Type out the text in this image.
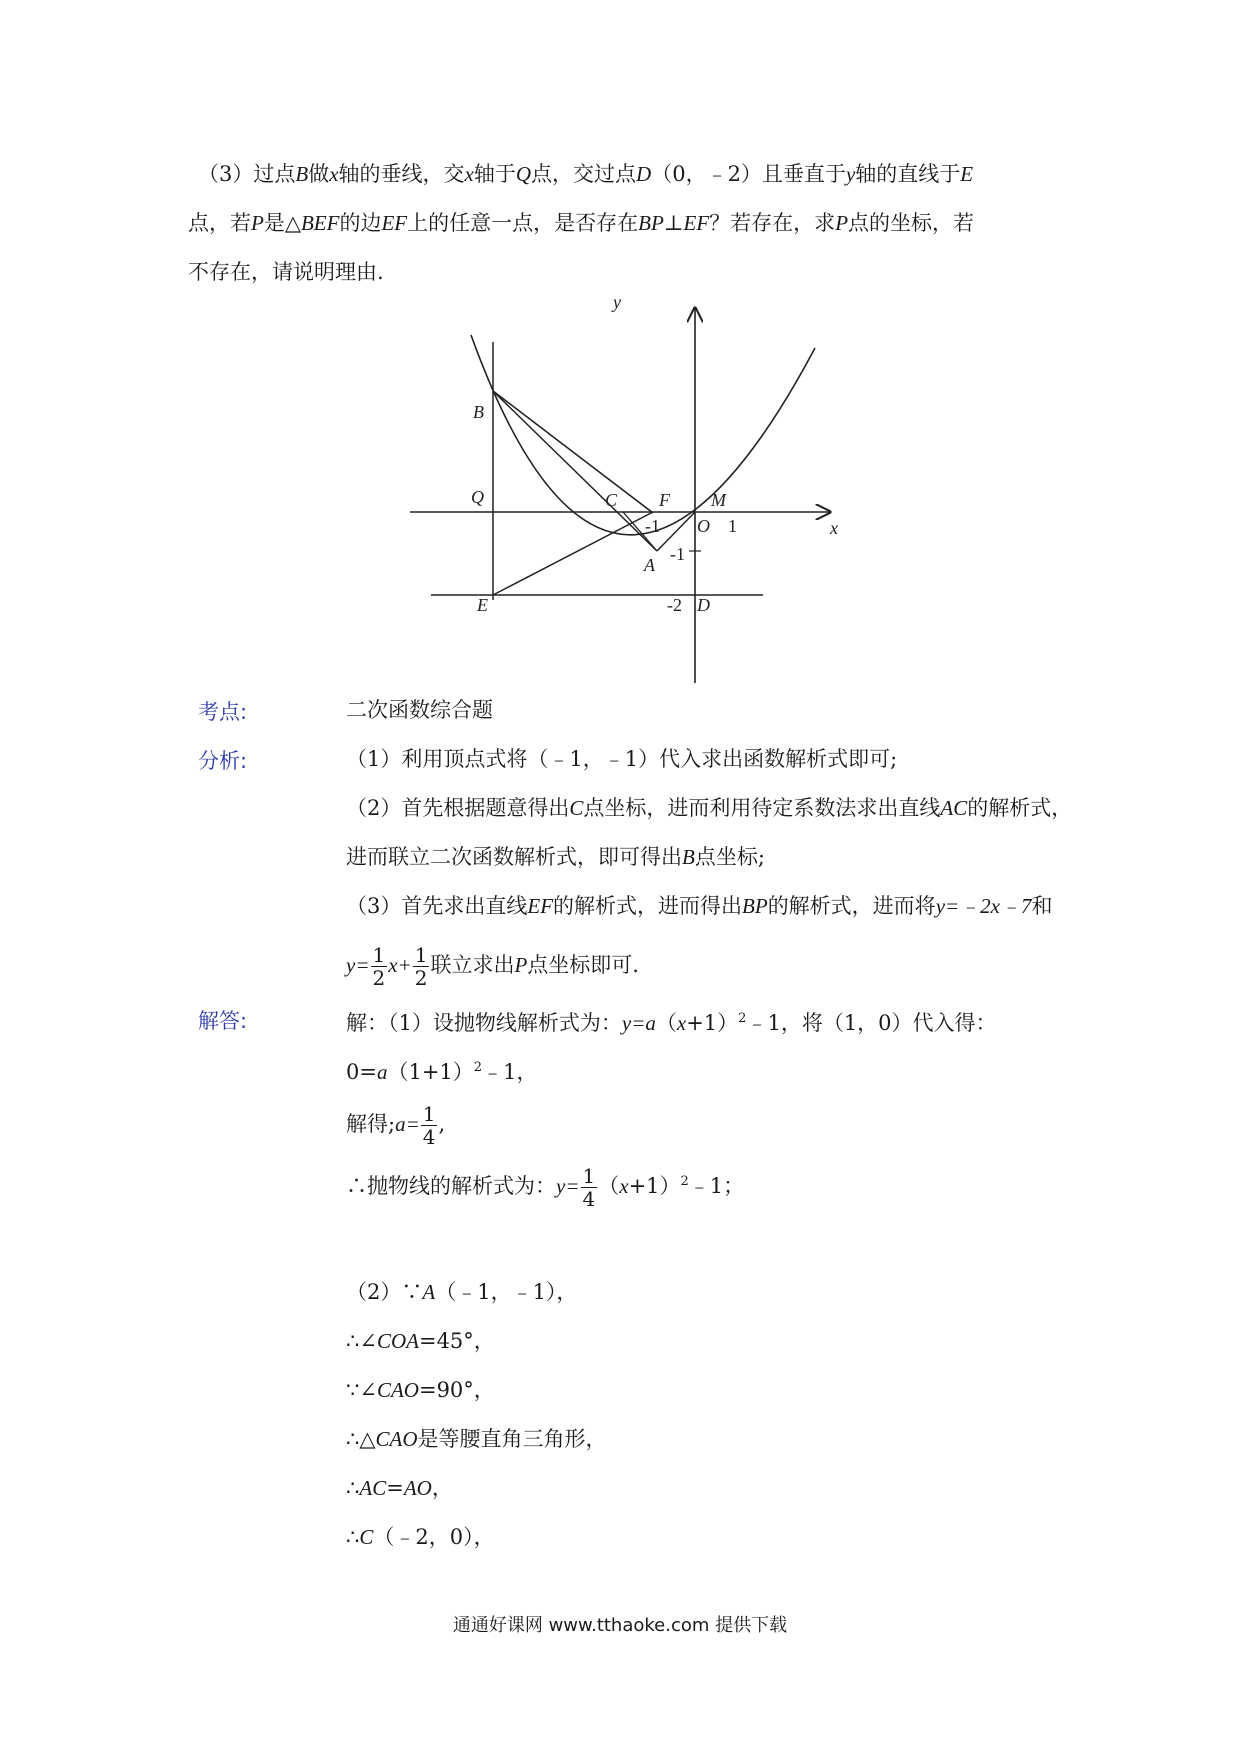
（3）过点B做x轴的垂线，交x轴于Q点，交过点D（0，﹣2）且垂直于y轴的直线于E
点，若P是△BEF的边EF上的任意一点，是否存在BP⊥EF？若存在，求P点的坐标，若
不存在，请说明理由.
y
x
B
Q	C F M
O 1
-1
-1
A
E	-2 D
考点:	二次函数综合题
分析:	（1）利用顶点式将（﹣1，﹣1）代入求出函数解析式即可;
（2）首先根据题意得出C点坐标，进而利用待定系数法求出直线AC的解析式，
进而联立二次函数解析式，即可得出B点坐标;
（3）首先求出直线EF的解析式，进而得出BP的解析式，进而将y=﹣2x﹣7和
$y= \frac{1}{2} x+ \frac{1}{2}$ 联立求出P点坐标即可.
解答:	解：（1）设抛物线解析式为：$y=a(x+1)^2﹣1$，将（1，0）代入得：
$0=a(1+1)^2﹣1$，
解得;a= $\frac{1}{4}$ ,
∴抛物线的解析式为：$y= \frac{1}{4}$ $(x+1)^2﹣1$；
（2）∵A（﹣1，﹣1），
∴∠COA=45°，
∵∠CAO=90°，
∴△CAO是等腰直角三角形，
∴AC=AO，
∴C（﹣2，0），
通通好课网 www.tthaoke.com 提供下载
